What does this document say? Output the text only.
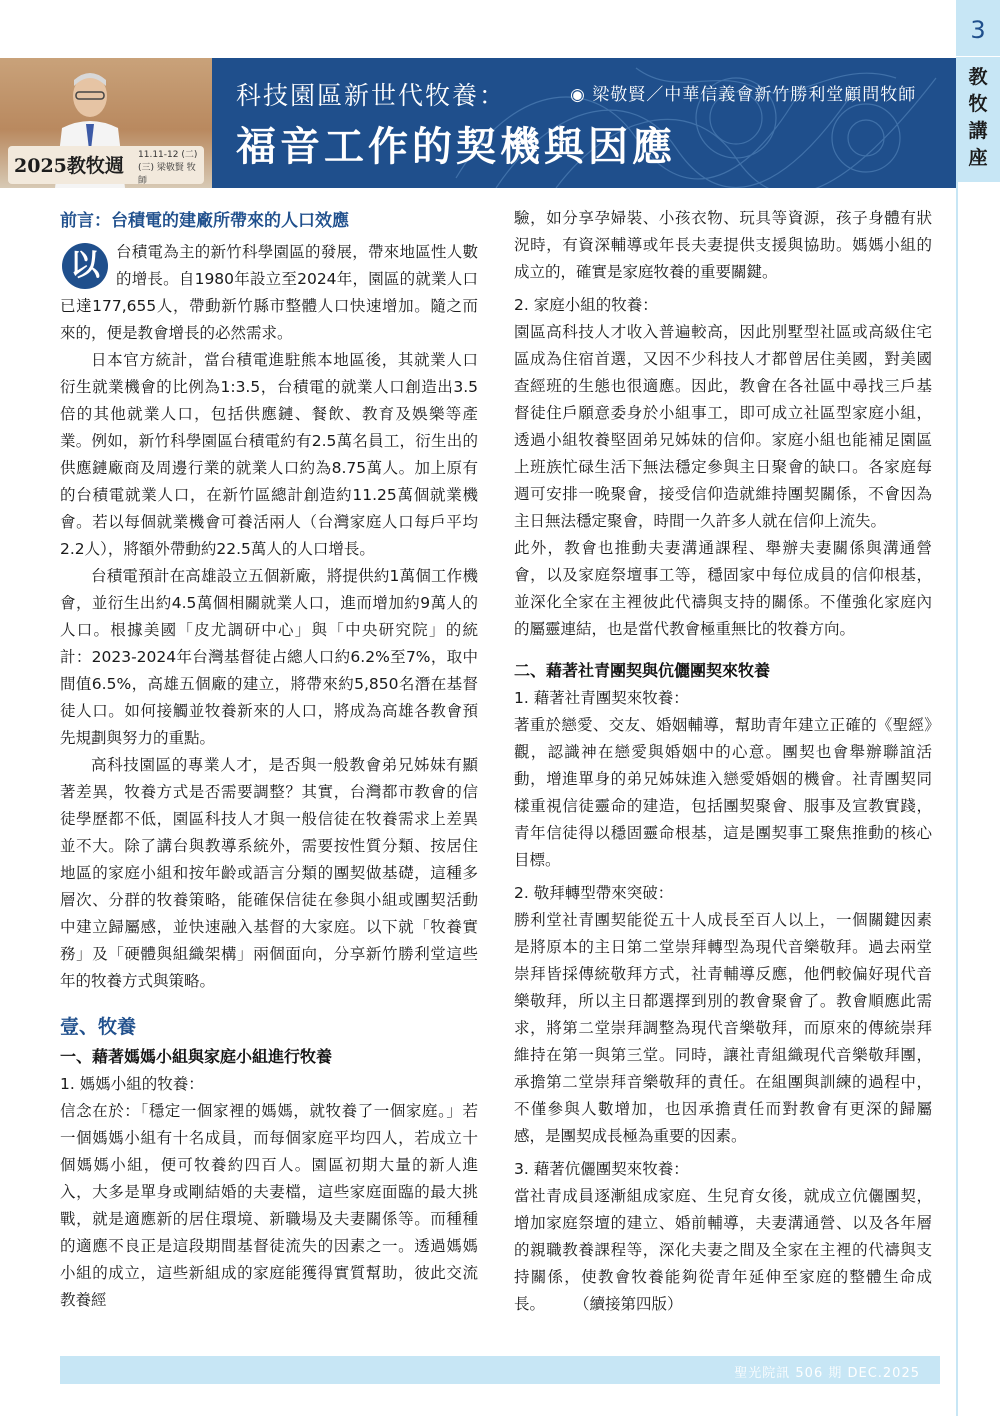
3
教牧講座
2025教牧週 11.11-12 (二)(三) 梁敬賢 牧師
◉ 梁敬賢／中華信義會新竹勝利堂顧問牧師
科技園區新世代牧養：
福音工作的契機與因應
前言：台積電的建廠所帶來的人口效應

以	台積電為主的新竹科學園區的發展，帶來地區性人數的增長。自1980年設立至2024年，園區的就業人口已達177,655人，帶動新竹縣市整體人口快速增加。隨之而來的，便是教會增長的必然需求。

日本官方統計，當台積電進駐熊本地區後，其就業人口衍生就業機會的比例為1:3.5，台積電的就業人口創造出3.5倍的其他就業人口，包括供應鏈、餐飲、教育及娛樂等產業。例如，新竹科學園區台積電約有2.5萬名員工，衍生出的供應鏈廠商及周邊行業的就業人口約為8.75萬人。加上原有的台積電就業人口，在新竹區總計創造約11.25萬個就業機會。若以每個就業機會可養活兩人（台灣家庭人口每戶平均2.2人），將額外帶動約22.5萬人的人口增長。

台積電預計在高雄設立五個新廠，將提供約1萬個工作機會，並衍生出約4.5萬個相關就業人口，進而增加約9萬人的人口。根據美國「皮尤調研中心」與「中央研究院」的統計：2023-2024年台灣基督徒占總人口約6.2%至7%，取中間值6.5%，高雄五個廠的建立，將帶來約5,850名潛在基督徒人口。如何接觸並牧養新來的人口，將成為高雄各教會預先規劃與努力的重點。

高科技園區的專業人才，是否與一般教會弟兄姊妹有顯著差異，牧養方式是否需要調整？其實，台灣都市教會的信徒學歷都不低，園區科技人才與一般信徒在牧養需求上差異並不大。除了講台與教導系統外，需要按性質分類、按居住地區的家庭小組和按年齡或語言分類的團契做基礎，這種多層次、分群的牧養策略，能確保信徒在參與小組或團契活動中建立歸屬感，並快速融入基督的大家庭。以下就「牧養實務」及「硬體與組織架構」兩個面向，分享新竹勝利堂這些年的牧養方式與策略。

壹、牧養
一、藉著媽媽小組與家庭小組進行牧養

1. 媽媽小組的牧養：

信念在於：「穩定一個家裡的媽媽，就牧養了一個家庭。」若一個媽媽小組有十名成員，而每個家庭平均四人，若成立十個媽媽小組，便可牧養約四百人。園區初期大量的新人進入，大多是單身或剛結婚的夫妻檔，這些家庭面臨的最大挑戰，就是適應新的居住環境、新職場及夫妻關係等。而種種的適應不良正是這段期間基督徒流失的因素之一。透過媽媽小組的成立，這些新組成的家庭能獲得實質幫助，彼此交流教養經

驗，如分享孕婦裝、小孩衣物、玩具等資源，孩子身體有狀況時，有資深輔導或年長夫妻提供支援與協助。媽媽小組的成立的，確實是家庭牧養的重要關鍵。

2. 家庭小組的牧養：

園區高科技人才收入普遍較高，因此別墅型社區或高級住宅區成為住宿首選，又因不少科技人才都曾居住美國，對美國查經班的生態也很適應。因此，教會在各社區中尋找三戶基督徒住戶願意委身於小組事工，即可成立社區型家庭小組，透過小組牧養堅固弟兄姊妹的信仰。家庭小組也能補足園區上班族忙碌生活下無法穩定參與主日聚會的缺口。各家庭每週可安排一晚聚會，接受信仰造就維持團契關係，不會因為主日無法穩定聚會，時間一久許多人就在信仰上流失。

此外，教會也推動夫妻溝通課程、舉辦夫妻關係與溝通營會，以及家庭祭壇事工等，穩固家中每位成員的信仰根基，並深化全家在主裡彼此代禱與支持的關係。不僅強化家庭內的屬靈連結，也是當代教會極重無比的牧養方向。

二、藉著社青團契與伉儷團契來牧養

1. 藉著社青團契來牧養：

著重於戀愛、交友、婚姻輔導，幫助青年建立正確的《聖經》觀，認識神在戀愛與婚姻中的心意。團契也會舉辦聯誼活動，增進單身的弟兄姊妹進入戀愛婚姻的機會。社青團契同樣重視信徒靈命的建造，包括團契聚會、服事及宣教實踐，青年信徒得以穩固靈命根基，這是團契事工聚焦推動的核心目標。

2. 敬拜轉型帶來突破：

勝利堂社青團契能從五十人成長至百人以上，一個關鍵因素是將原本的主日第二堂崇拜轉型為現代音樂敬拜。過去兩堂崇拜皆採傳統敬拜方式，社青輔導反應，他們較偏好現代音樂敬拜，所以主日都選擇到別的教會聚會了。教會順應此需求，將第二堂崇拜調整為現代音樂敬拜，而原來的傳統崇拜維持在第一與第三堂。同時，讓社青組織現代音樂敬拜團，承擔第二堂崇拜音樂敬拜的責任。在組團與訓練的過程中，不僅參與人數增加，也因承擔責任而對教會有更深的歸屬感，是團契成長極為重要的因素。

3. 藉著伉儷團契來牧養：

當社青成員逐漸組成家庭、生兒育女後，就成立伉儷團契，增加家庭祭壇的建立、婚前輔導，夫妻溝通營、以及各年層的親職教養課程等，深化夫妻之間及全家在主裡的代禱與支持關係，使教會牧養能夠從青年延伸至家庭的整體生命成長。 （續接第四版）

聖光院訊 506 期 DEC.2025
